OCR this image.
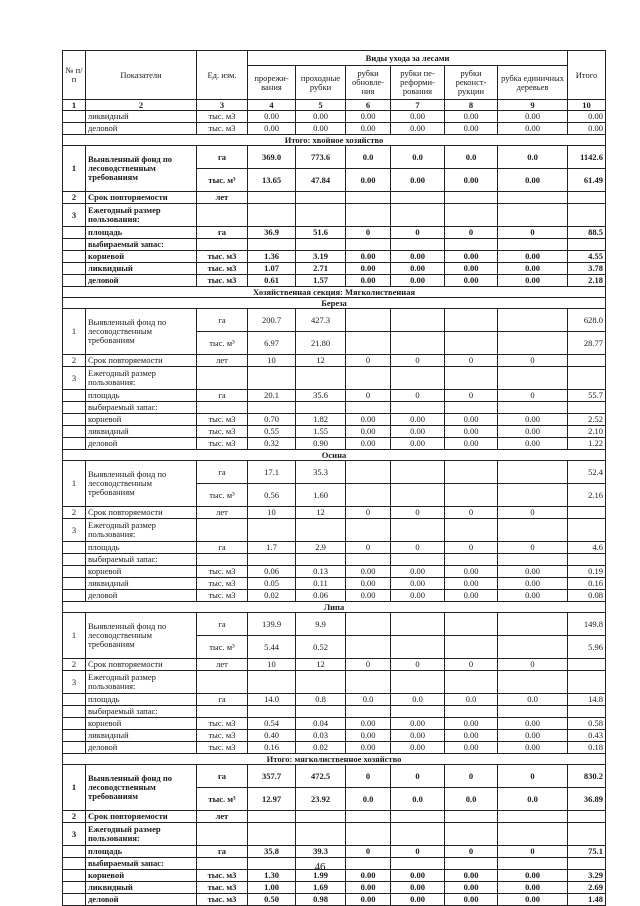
№ п/п	Показатели	Ед. изм.	Виды ухода за лесами						Итого
			прорежи-вания	проходные рубки	рубки обновле-ния	рубки пе-реформи-рования	рубки реконст-рукции	рубка единичных деревьев	
1	2	3	4	5	6	7	8	9	10
	ликвидный	тыс. м3	0.00	0.00	0.00	0.00	0.00	0.00	0.00
	деловой	тыс. м3	0.00	0.00	0.00	0.00	0.00	0.00	0.00
Итого: хвойное хозяйство									
1	Выявленный фонд по лесоводственным требованиям	га	369.0	773.6	0.0	0.0	0.0	0.0	1142.6
		тыс. м³	13.65	47.84	0.00	0.00	0.00	0.00	61.49
2	Срок повторяемости	лет							
3	Ежегодный размер пользования:								
	площадь	га	36.9	51.6	0	0	0	0	88.5
	выбираемый запас:								
	корневой	тыс. м3	1.36	3.19	0.00	0.00	0.00	0.00	4.55
	ликвидный	тыс. м3	1.07	2.71	0.00	0.00	0.00	0.00	3.78
	деловой	тыс. м3	0.61	1.57	0.00	0.00	0.00	0.00	2.18
Хозяйственная секция: Мягколиственная									
Береза									
1	Выявленный фонд по лесоводственным требованиям	га	200.7	427.3					628.0
		тыс. м³	6.97	21.80					28.77
2	Срок повторяемости	лет	10	12	0	0	0	0	
3	Ежегодный размер пользования:								
	площадь	га	20.1	35.6	0	0	0	0	55.7
	выбираемый запас:								
	корневой	тыс. м3	0.70	1.82	0.00	0.00	0.00	0.00	2.52
	ликвидный	тыс. м3	0.55	1.55	0.00	0.00	0.00	0.00	2.10
	деловой	тыс. м3	0.32	0.90	0.00	0.00	0.00	0.00	1.22
Осина									
1	Выявленный фонд по лесоводственным требованиям	га	17.1	35.3					52.4
		тыс. м³	0.56	1.60					2.16
2	Срок повторяемости	лет	10	12	0	0	0	0	
3	Ежегодный размер пользования:								
	площадь	га	1.7	2.9	0	0	0	0	4.6
	выбираемый запас:								
	корневой	тыс. м3	0.06	0.13	0.00	0.00	0.00	0.00	0.19
	ликвидный	тыс. м3	0.05	0.11	0.00	0.00	0.00	0.00	0.16
	деловой	тыс. м3	0.02	0.06	0.00	0.00	0.00	0.00	0.08
Липа									
1	Выявленный фонд по лесоводственным требованиям	га	139.9	9.9					149.8
		тыс. м³	5.44	0.52					5.96
2	Срок повторяемости	лет	10	12	0	0	0	0	
3	Ежегодный размер пользования:								
	площадь	га	14.0	0.8	0.0	0.0	0.0	0.0	14.8
	выбираемый запас:								
	корневой	тыс. м3	0.54	0.04	0.00	0.00	0.00	0.00	0.58
	ликвидный	тыс. м3	0.40	0.03	0.00	0.00	0.00	0.00	0.43
	деловой	тыс. м3	0.16	0.02	0.00	0.00	0.00	0.00	0.18
Итого: мягколиственное хозяйство									
1	Выявленный фонд по лесоводственным требованиям	га	357.7	472.5	0	0	0	0	830.2
		тыс. м³	12.97	23.92	0.0	0.0	0.0	0.0	36.89
2	Срок повторяемости	лет							
3	Ежегодный размер пользования:								
	площадь	га	35.8	39.3	0	0	0	0	75.1
	выбираемый запас:								
	корневой	тыс. м3	1.30	1.99	0.00	0.00	0.00	0.00	3.29
	ликвидный	тыс. м3	1.00	1.69	0.00	0.00	0.00	0.00	2.69
	деловой	тыс. м3	0.50	0.98	0.00	0.00	0.00	0.00	1.48
46
